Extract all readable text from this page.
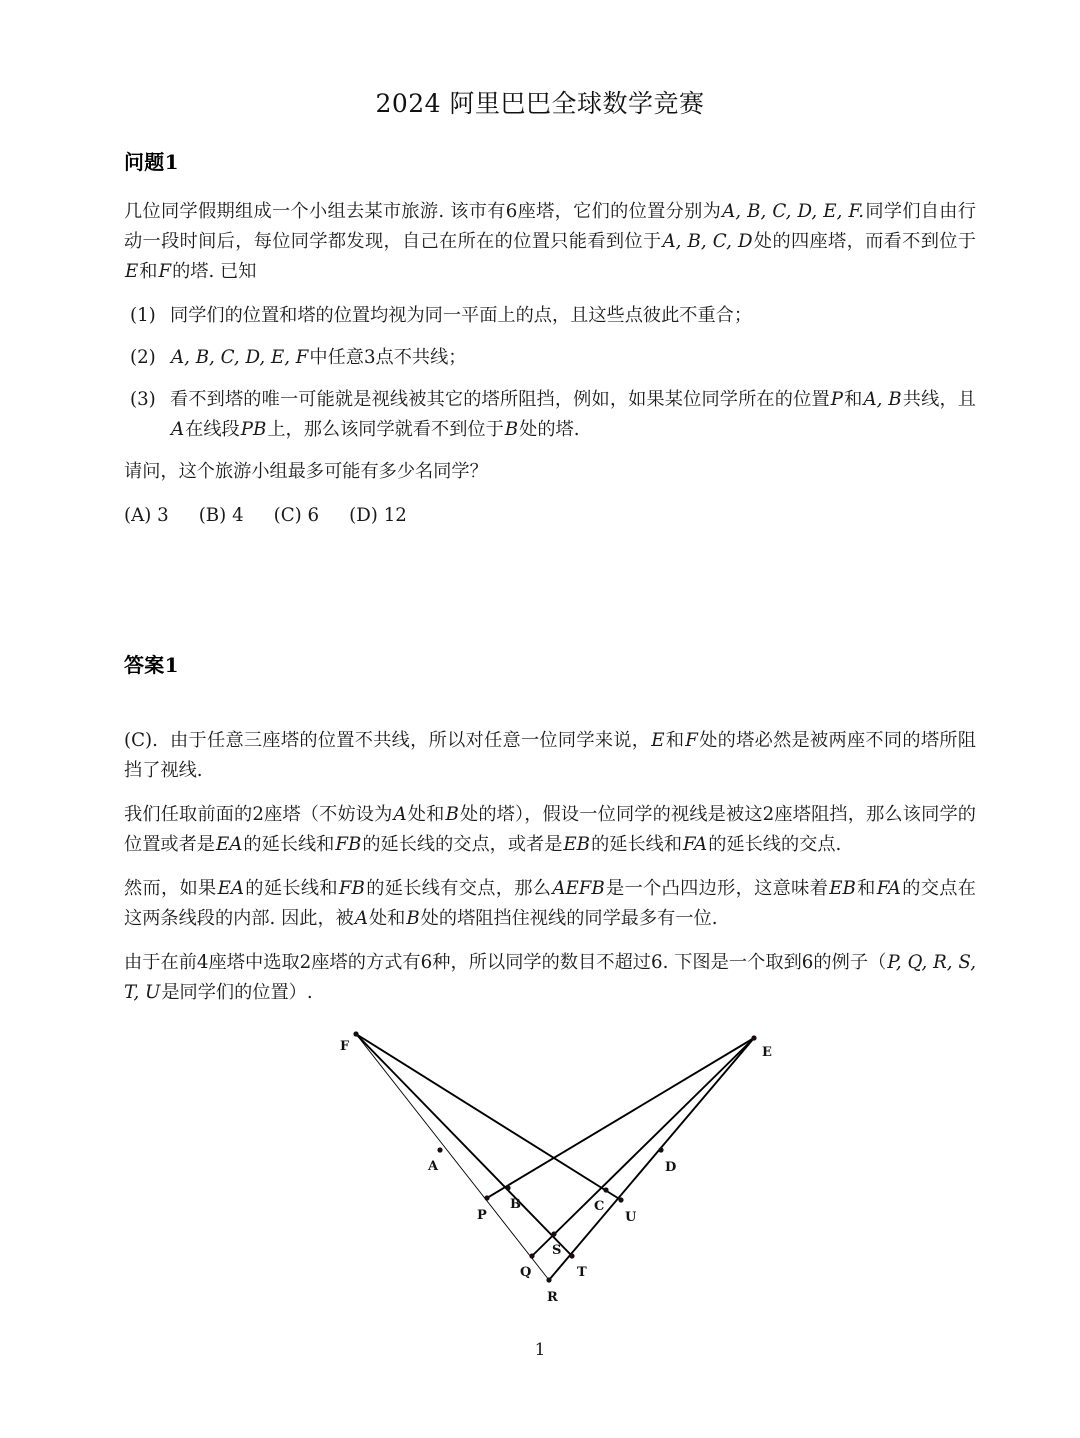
2024 阿里巴巴全球数学竞赛
问题1

几位同学假期组成一个小组去某市旅游. 该市有6座塔，它们的位置分别为A, B, C, D, E, F.同学们自由行动一段时间后，每位同学都发现，自己在所在的位置只能看到位于A, B, C, D处的四座塔，而看不到位于E和F的塔. 已知

(1) 同学们的位置和塔的位置均视为同一平面上的点，且这些点彼此不重合；
(2) A, B, C, D, E, F中任意3点不共线；
(3) 看不到塔的唯一可能就是视线被其它的塔所阻挡，例如，如果某位同学所在的位置P和A, B共线，且A在线段PB上，那么该同学就看不到位于B处的塔.

请问，这个旅游小组最多可能有多少名同学？

(A) 3 (B) 4 (C) 6 (D) 12

答案1

(C). 由于任意三座塔的位置不共线，所以对任意一位同学来说，E和F处的塔必然是被两座不同的塔所阻挡了视线.

我们任取前面的2座塔（不妨设为A处和B处的塔），假设一位同学的视线是被这2座塔阻挡，那么该同学的位置或者是EA的延长线和FB的延长线的交点，或者是EB的延长线和FA的延长线的交点.

然而，如果EA的延长线和FB的延长线有交点，那么AEFB是一个凸四边形，这意味着EB和FA的交点在这两条线段的内部. 因此，被A处和B处的塔阻挡住视线的同学最多有一位.

由于在前4座塔中选取2座塔的方式有6种，所以同学的数目不超过6. 下图是一个取到6的例子（P, Q, R, S, T, U是同学们的位置）.

F	E
A	D
B
P
C
U
S
Q	T
R
1
